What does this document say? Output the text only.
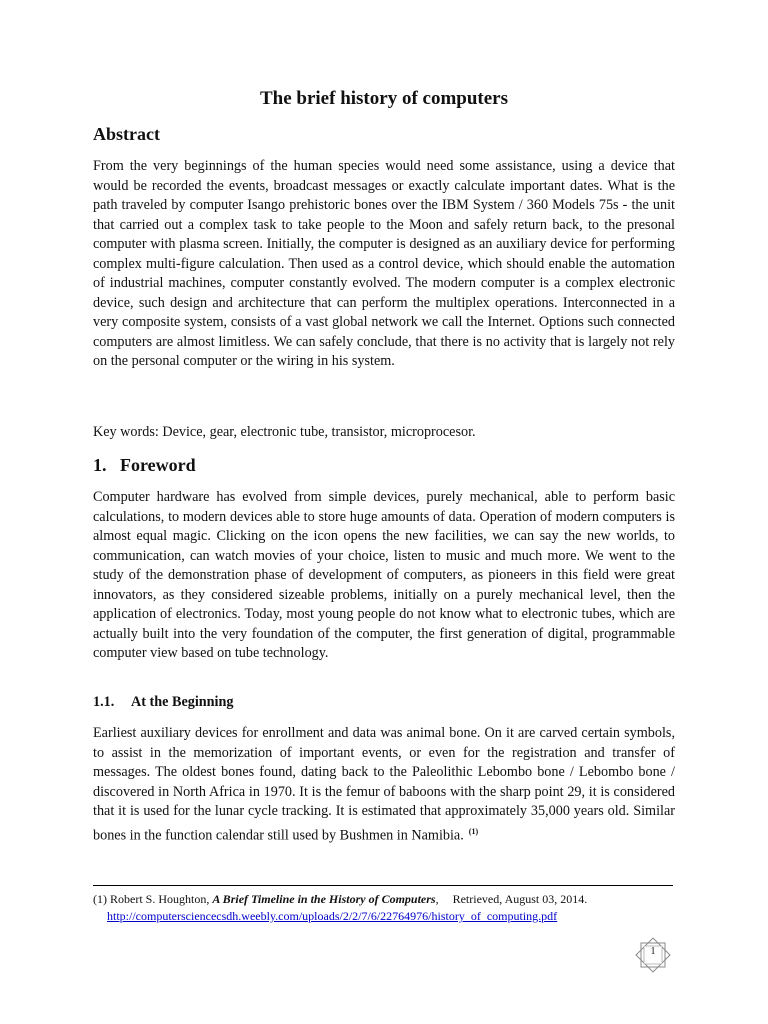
The brief history of computers
Abstract

From the very beginnings of the human species would need some assistance, using a device that would be recorded the events, broadcast messages or exactly calculate important dates. What is the path traveled by computer Isango prehistoric bones over the IBM System / 360 Models 75s - the unit that carried out a complex task to take people to the Moon and safely return back, to the presonal computer with plasma screen. Initially, the computer is designed as an auxiliary device for performing complex multi-figure calculation. Then used as a control device, which should enable the automation of industrial machines, computer constantly evolved. The modern computer is a complex electronic device, such design and architecture that can perform the multiplex operations. Interconnected in a very composite system, consists of a vast global network we call the Internet. Options such connected computers are almost limitless. We can safely conclude, that there is no activity that is largely not rely on the personal computer or the wiring in his system.

Key words: Device, gear, electronic tube, transistor, microprocesor.

1. Foreword

Computer hardware has evolved from simple devices, purely mechanical, able to perform basic calculations, to modern devices able to store huge amounts of data. Operation of modern computers is almost equal magic. Clicking on the icon opens the new facilities, we can say the new worlds, to communication, can watch movies of your choice, listen to music and much more. We went to the study of the demonstration phase of development of computers, as pioneers in this field were great innovators, as they considered sizeable problems, initially on a purely mechanical level, then the application of electronics. Today, most young people do not know what to electronic tubes, which are actually built into the very foundation of the computer, the first generation of digital, programmable computer view based on tube technology.

1.1. At the Beginning

Earliest auxiliary devices for enrollment and data was animal bone. On it are carved certain symbols, to assist in the memorization of important events, or even for the registration and transfer of messages. The oldest bones found, dating back to the Paleolithic Lebombo bone / Lebombo bone / discovered in North Africa in 1970. It is the femur of baboons with the sharp point 29, it is considered that it is used for the lunar cycle tracking. It is estimated that approximately 35,000 years old. Similar bones in the function calendar still used by Bushmen in Namibia. $^{(1)}$

(1) Robert S. Houghton, A Brief Timeline in the History of Computers, Retrieved, August 03, 2014.
http://computersciencecsdh.weebly.com/uploads/2/2/7/6/22764976/history_of_computing.pdf
1
